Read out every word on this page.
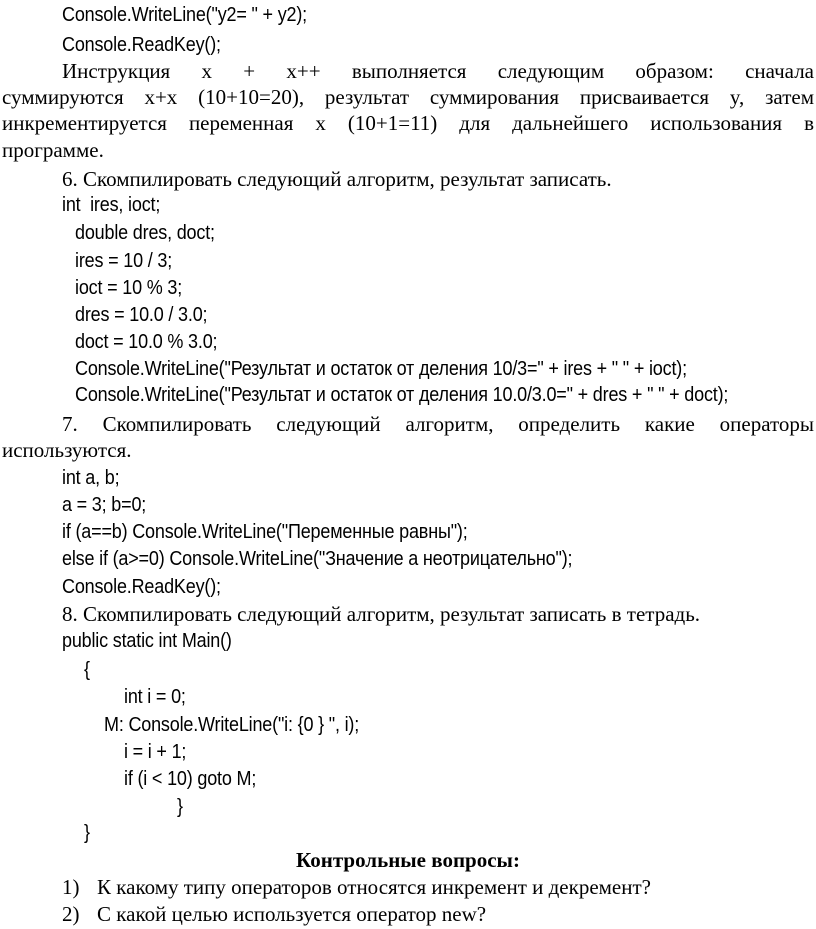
Console.WriteLine("y2= " + y2);
Console.ReadKey();
Инструкция x + x++ выполняется следующим образом: сначала
суммируются x+x (10+10=20), результат суммирования присваивается y, затем
инкрементируется переменная x (10+1=11) для дальнейшего использования в
программе.
6. Скомпилировать следующий алгоритм, результат записать.
int  ires, ioct;
double dres, doct;
ires = 10 / 3;
ioct = 10 % 3;
dres = 10.0 / 3.0;
doct = 10.0 % 3.0;
Console.WriteLine("Результат и остаток от деления 10/3=" + ires + " " + ioct);
Console.WriteLine("Результат и остаток от деления 10.0/3.0=" + dres + " " + doct);
7. Скомпилировать следующий алгоритм, определить какие операторы
используются.
int a, b;
a = 3; b=0;
if (a==b) Console.WriteLine("Переменные равны");
else if (a>=0) Console.WriteLine("Значение a неотрицательно");
Console.ReadKey();
8. Скомпилировать следующий алгоритм, результат записать в тетрадь.
public static int Main()
{
int i = 0;
M: Console.WriteLine("i: {0 } ", i);
i = i + 1;
if (i < 10) goto M;
}
}
Контрольные вопросы:
1) К какому типу операторов относятся инкремент и декремент?
2) С какой целью используется оператор new?
